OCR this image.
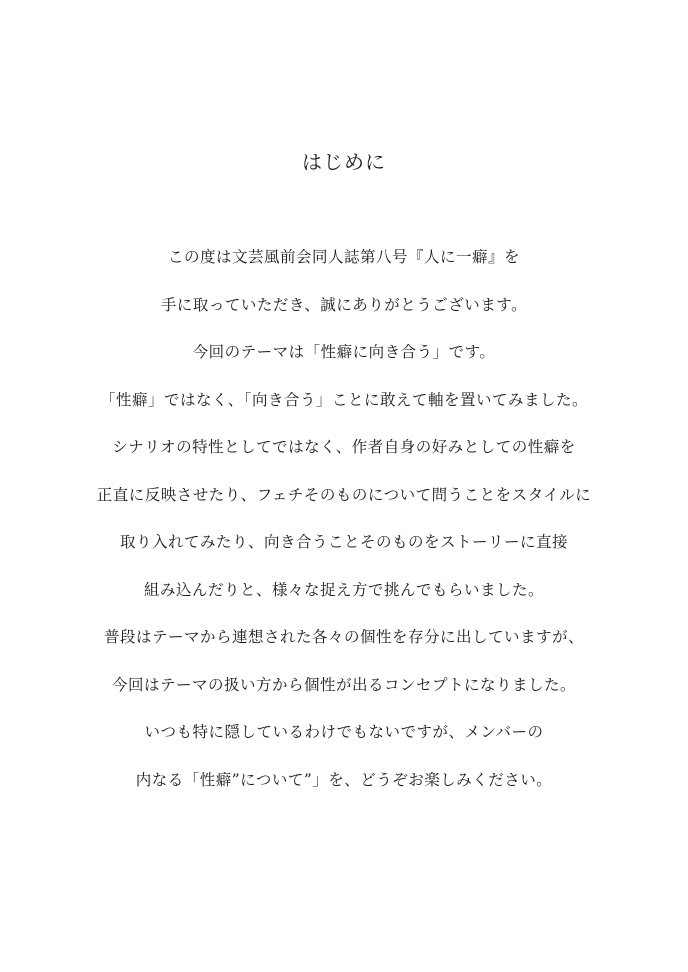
はじめに
この度は文芸風前会同人誌第八号『人に一癖』を
手に取っていただき、誠にありがとうございます。
今回のテーマは「性癖に向き合う」です。
「性癖」ではなく、「向き合う」ことに敢えて軸を置いてみました。
シナリオの特性としてではなく、作者自身の好みとしての性癖を
正直に反映させたり、フェチそのものについて問うことをスタイルに
取り入れてみたり、向き合うことそのものをストーリーに直接
組み込んだりと、様々な捉え方で挑んでもらいました。
普段はテーマから連想された各々の個性を存分に出していますが、
今回はテーマの扱い方から個性が出るコンセプトになりました。
いつも特に隠しているわけでもないですが、メンバーの
内なる「性癖”について”」を、どうぞお楽しみください。
